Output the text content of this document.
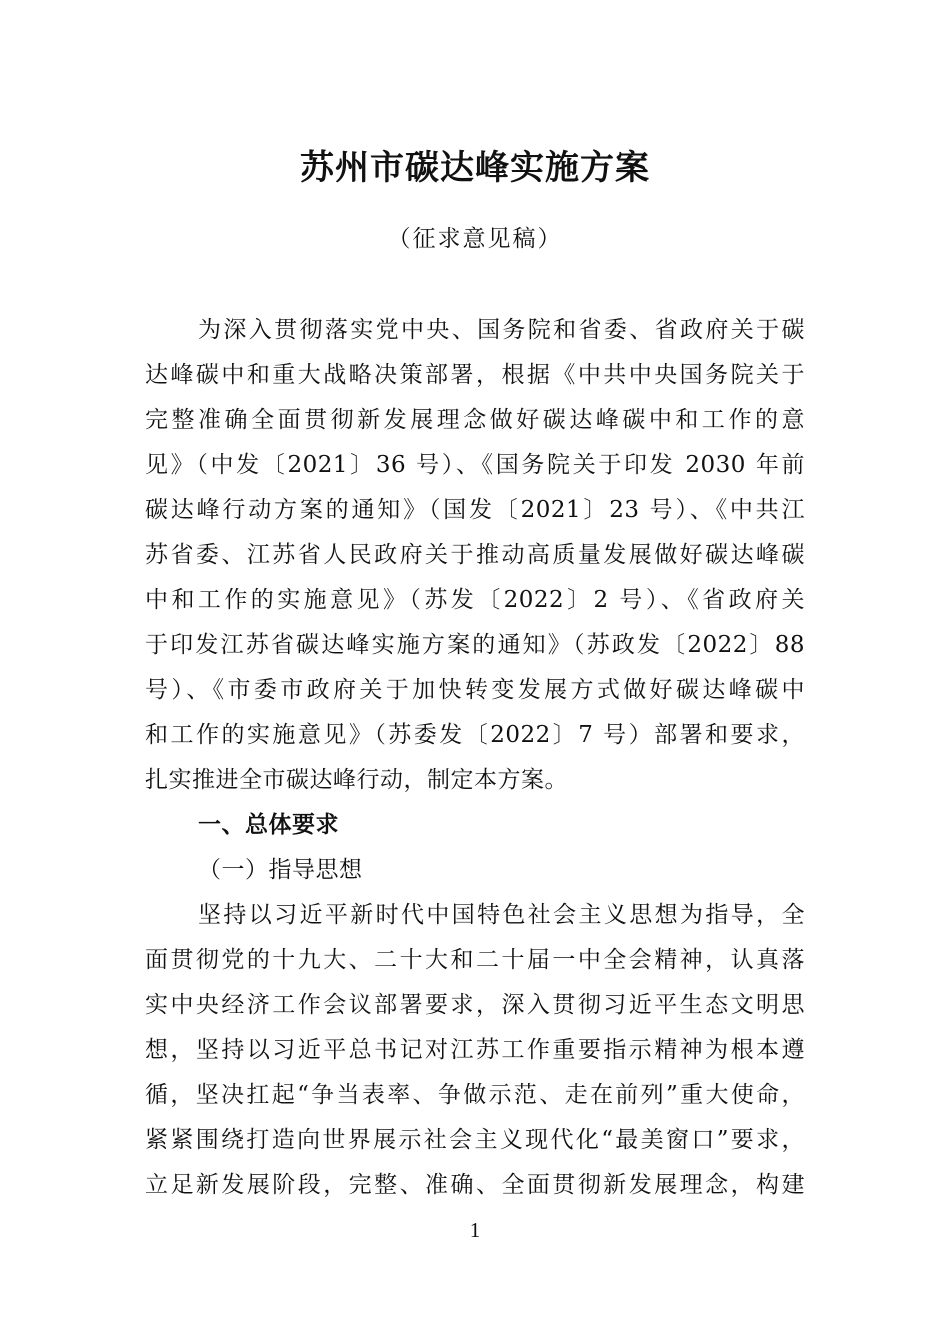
苏州市碳达峰实施方案
（征求意见稿）
为深入贯彻落实党中央、国务院和省委、省政府关于碳
达峰碳中和重大战略决策部署，根据《中共中央国务院关于
完整准确全面贯彻新发展理念做好碳达峰碳中和工作的意
见》（中发〔2021〕36 号）、《国务院关于印发 2030 年前
碳达峰行动方案的通知》（国发〔2021〕23 号）、《中共江
苏省委、江苏省人民政府关于推动高质量发展做好碳达峰碳
中和工作的实施意见》（苏发〔2022〕2 号）、《省政府关
于印发江苏省碳达峰实施方案的通知》（苏政发〔2022〕88
号）、《市委市政府关于加快转变发展方式做好碳达峰碳中
和工作的实施意见》（苏委发〔2022〕7 号）部署和要求，
扎实推进全市碳达峰行动，制定本方案。
一、总体要求
（一）指导思想
坚持以习近平新时代中国特色社会主义思想为指导，全
面贯彻党的十九大、二十大和二十届一中全会精神，认真落
实中央经济工作会议部署要求，深入贯彻习近平生态文明思
想，坚持以习近平总书记对江苏工作重要指示精神为根本遵
循，坚决扛起“争当表率、争做示范、走在前列”重大使命，
紧紧围绕打造向世界展示社会主义现代化“最美窗口”要求，
立足新发展阶段，完整、准确、全面贯彻新发展理念，构建
1
